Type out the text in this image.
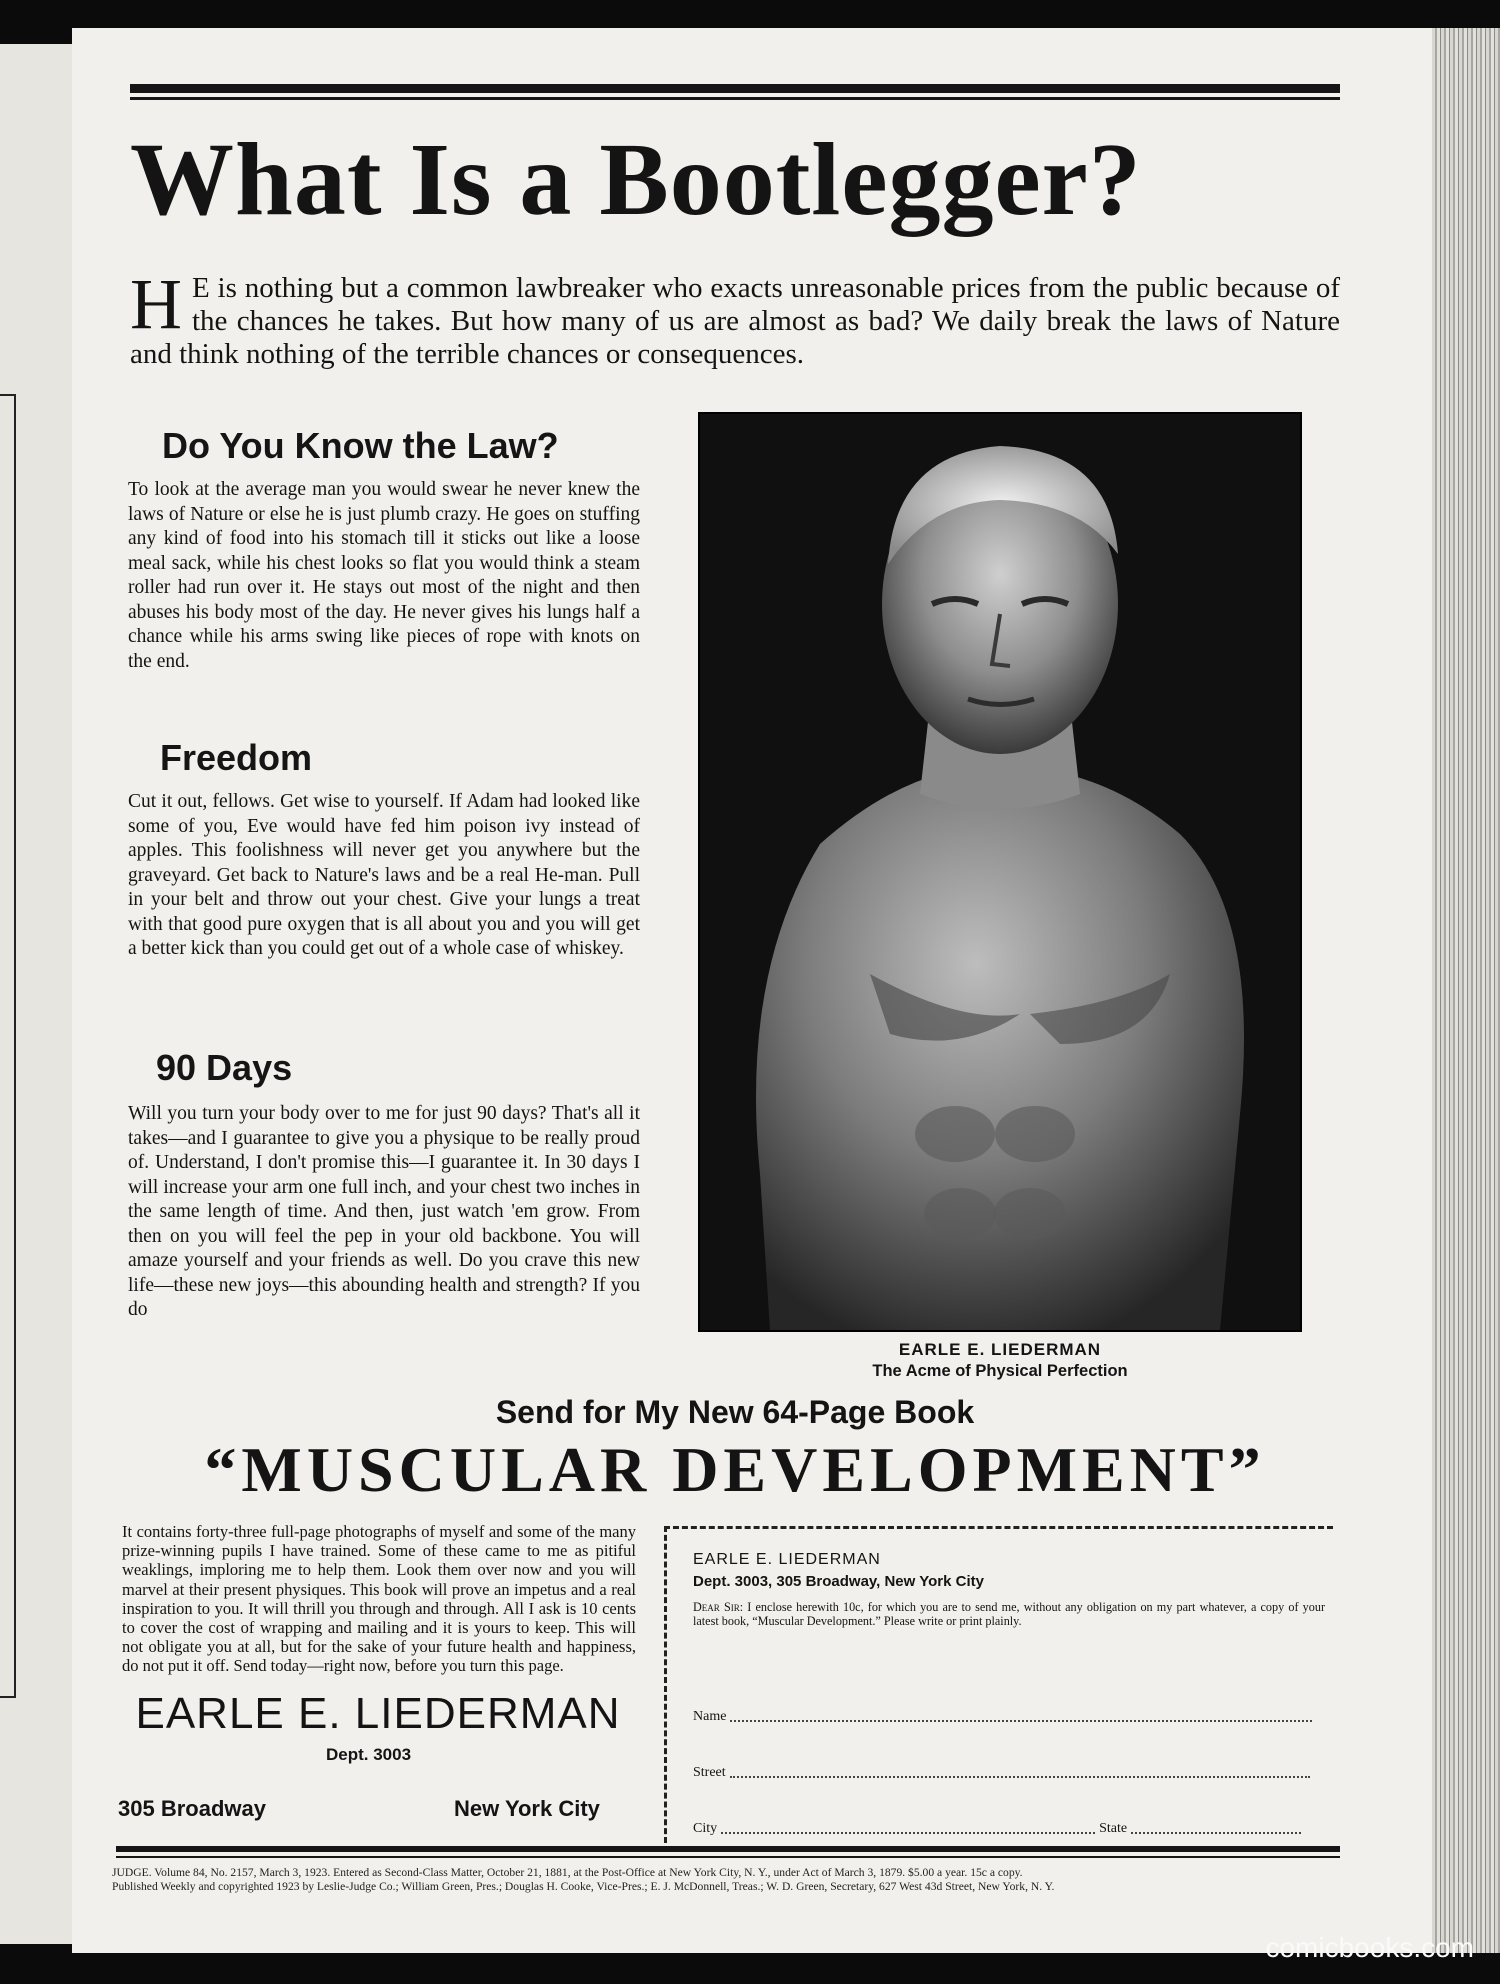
What Is a Bootlegger?
H E is nothing but a common lawbreaker who exacts unreasonable prices from the public because of the chances he takes. But how many of us are almost as bad? We daily break the laws of Nature and think nothing of the terrible chances or consequences.
Do You Know the Law?
To look at the average man you would swear he never knew the laws of Nature or else he is just plumb crazy. He goes on stuffing any kind of food into his stomach till it sticks out like a loose meal sack, while his chest looks so flat you would think a steam roller had run over it. He stays out most of the night and then abuses his body most of the day. He never gives his lungs half a chance while his arms swing like pieces of rope with knots on the end.
Freedom
Cut it out, fellows. Get wise to yourself. If Adam had looked like some of you, Eve would have fed him poison ivy instead of apples. This foolishness will never get you anywhere but the graveyard. Get back to Nature's laws and be a real He-man. Pull in your belt and throw out your chest. Give your lungs a treat with that good pure oxygen that is all about you and you will get a better kick than you could get out of a whole case of whiskey.
90 Days
Will you turn your body over to me for just 90 days? That's all it takes—and I guarantee to give you a physique to be really proud of. Understand, I don't promise this—I guarantee it. In 30 days I will increase your arm one full inch, and your chest two inches in the same length of time. And then, just watch 'em grow. From then on you will feel the pep in your old backbone. You will amaze yourself and your friends as well. Do you crave this new life—these new joys—this abounding health and strength? If you do
EARLE E. LIEDERMAN
The Acme of Physical Perfection
Send for My New 64-Page Book
“MUSCULAR DEVELOPMENT”
It contains forty-three full-page photographs of myself and some of the many prize-winning pupils I have trained. Some of these came to me as pitiful weaklings, imploring me to help them. Look them over now and you will marvel at their present physiques. This book will prove an impetus and a real inspiration to you. It will thrill you through and through. All I ask is 10 cents to cover the cost of wrapping and mailing and it is yours to keep. This will not obligate you at all, but for the sake of your future health and happiness, do not put it off. Send today—right now, before you turn this page.
EARLE E. LIEDERMAN
Dept. 3003
305 Broadway	New York City
EARLE E. LIEDERMAN
Dept. 3003, 305 Broadway, New York City
Dear Sir: I enclose herewith 10c, for which you are to send me, without any obligation on my part whatever, a copy of your latest book, “Muscular Development.” Please write or print plainly.
Name
Street
City	State
JUDGE. Volume 84, No. 2157, March 3, 1923. Entered as Second-Class Matter, October 21, 1881, at the Post-Office at New York City, N. Y., under Act of March 3, 1879. $5.00 a year. 15c a copy.
Published Weekly and copyrighted 1923 by Leslie-Judge Co.; William Green, Pres.; Douglas H. Cooke, Vice-Pres.; E. J. McDonnell, Treas.; W. D. Green, Secretary, 627 West 43d Street, New York, N. Y.
comicbooks.com
